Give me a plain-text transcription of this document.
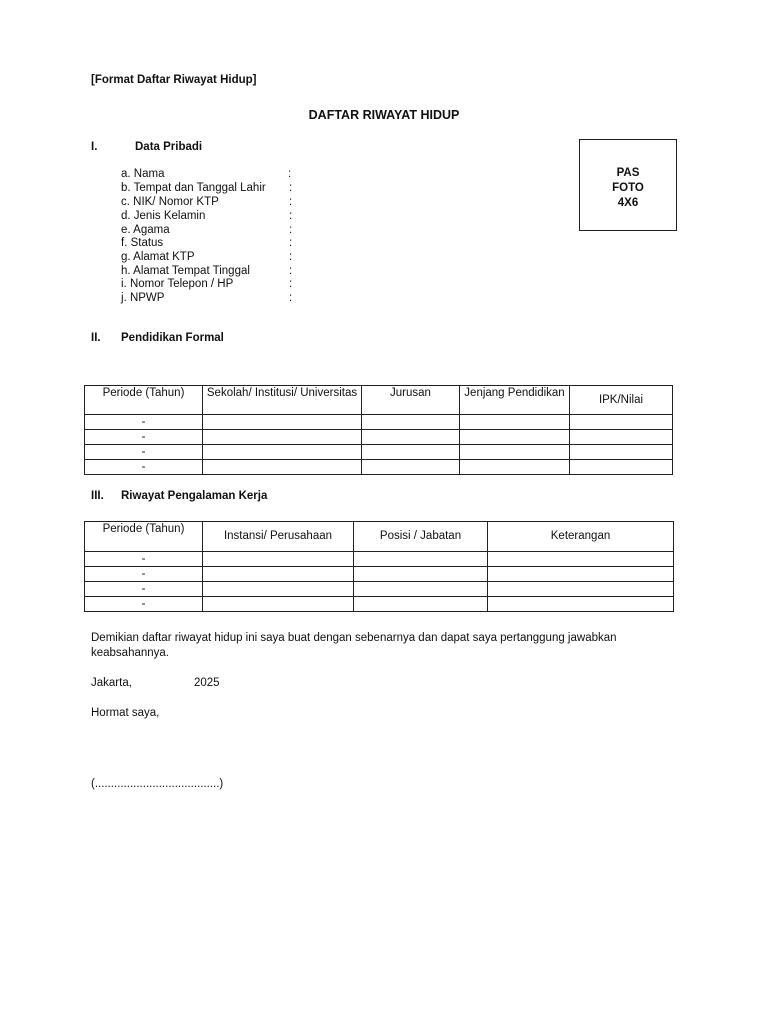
[Format Daftar Riwayat Hidup]
DAFTAR RIWAYAT HIDUP
I.	Data Pribadi
PAS
FOTO
4X6
a. Nama	:
b. Tempat dan Tanggal Lahir :
c. NIK/ Nomor KTP	:
d. Jenis Kelamin	:
e. Agama	:
f. Status	:
g. Alamat KTP	:
h. Alamat Tempat Tinggal	:
i. Nomor Telepon / HP	:
j. NPWP	:
II. Pendidikan Formal
Periode (Tahun)	Sekolah/ Institusi/ Universitas	Jurusan	Jenjang Pendidikan	IPK/Nilai
-				
-				
-				
-				
III. Riwayat Pengalaman Kerja
Periode (Tahun)	Instansi/ Perusahaan	Posisi / Jabatan	Keterangan
-			
-			
-			
-			
Demikian daftar riwayat hidup ini saya buat dengan sebenarnya dan dapat saya pertanggung jawabkan keabsahannya.
Jakarta,	2025
Hormat saya,
(.......................................)
